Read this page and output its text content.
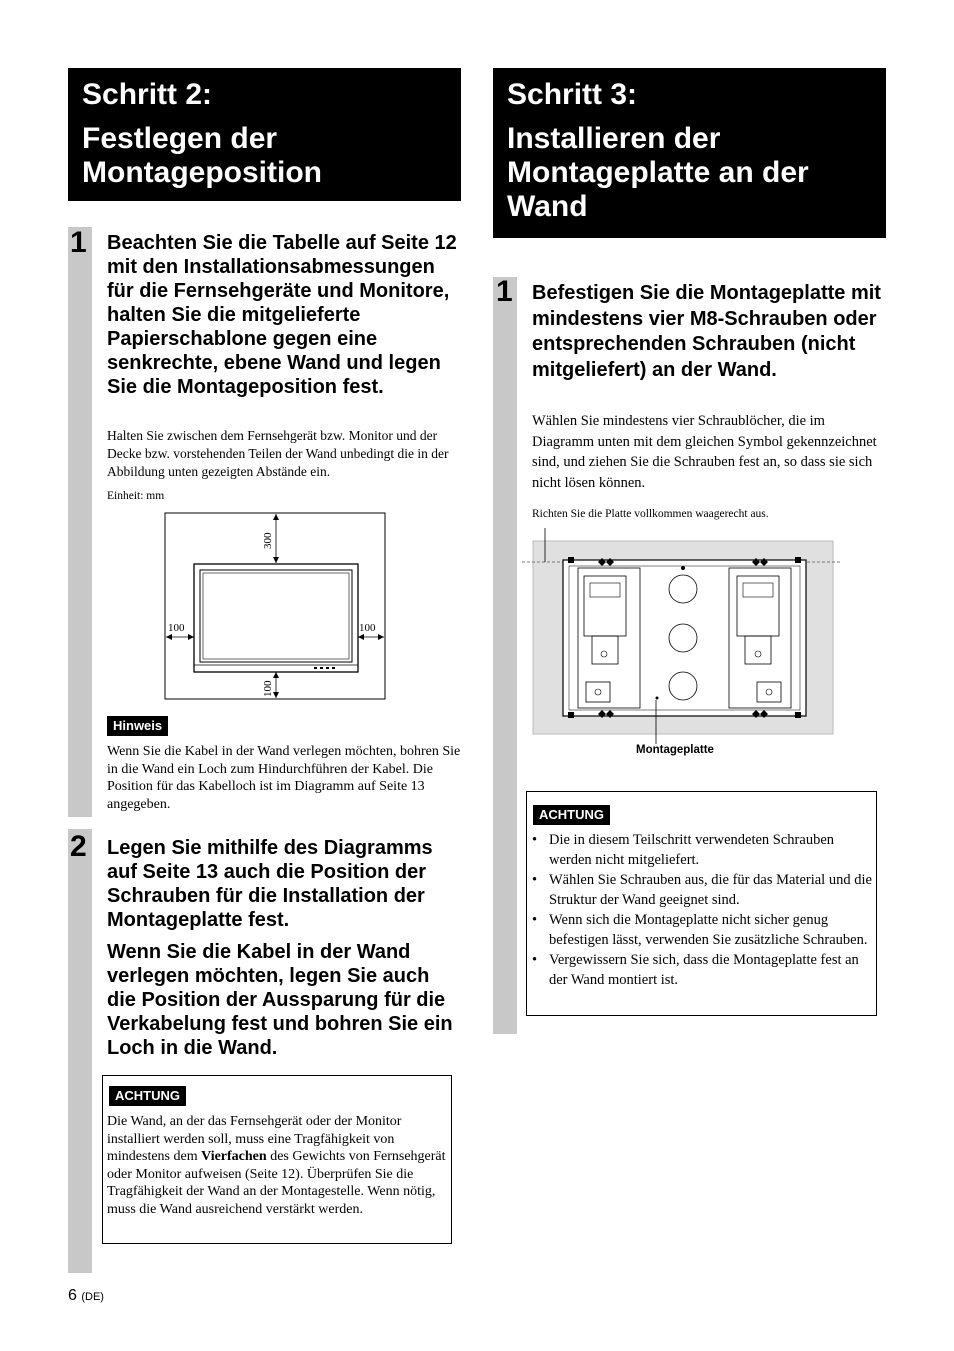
Schritt 2:
Festlegen der
Montageposition
1 Beachten Sie die Tabelle auf Seite 12 mit den Installationsabmessungen für die Fernsehgeräte und Monitore, halten Sie die mitgelieferte Papierschablone gegen eine senkrechte, ebene Wand und legen Sie die Montageposition fest.
Halten Sie zwischen dem Fernsehgerät bzw. Monitor und der Decke bzw. vorstehenden Teilen der Wand unbedingt die in der Abbildung unten gezeigten Abstände ein.
Einheit: mm
300
100	100
100
Hinweis
Wenn Sie die Kabel in der Wand verlegen möchten, bohren Sie in die Wand ein Loch zum Hindurchführen der Kabel. Die Position für das Kabelloch ist im Diagramm auf Seite 13 angegeben.
2 Legen Sie mithilfe des Diagramms auf Seite 13 auch die Position der Schrauben für die Installation der Montageplatte fest.
Wenn Sie die Kabel in der Wand verlegen möchten, legen Sie auch die Position der Aussparung für die Verkabelung fest und bohren Sie ein Loch in die Wand.
ACHTUNG
Die Wand, an der das Fernsehgerät oder der Monitor installiert werden soll, muss eine Tragfähigkeit von mindestens dem Vierfachen des Gewichts von Fernsehgerät oder Monitor aufweisen (Seite 12). Überprüfen Sie die Tragfähigkeit der Wand an der Montagestelle. Wenn nötig, muss die Wand ausreichend verstärkt werden.
Schritt 3:
Installieren der
Montageplatte an der
Wand
1 Befestigen Sie die Montageplatte mit mindestens vier M8-Schrauben oder entsprechenden Schrauben (nicht mitgeliefert) an der Wand.
Wählen Sie mindestens vier Schraublöcher, die im Diagramm unten mit dem gleichen Symbol gekennzeichnet sind, und ziehen Sie die Schrauben fest an, so dass sie sich nicht lösen können.
Richten Sie die Platte vollkommen waagerecht aus.
Montageplatte
ACHTUNG
• Die in diesem Teilschritt verwendeten Schrauben werden nicht mitgeliefert.
• Wählen Sie Schrauben aus, die für das Material und die Struktur der Wand geeignet sind.
• Wenn sich die Montageplatte nicht sicher genug befestigen lässt, verwenden Sie zusätzliche Schrauben.
• Vergewissern Sie sich, dass die Montageplatte fest an der Wand montiert ist.
6 (DE)
